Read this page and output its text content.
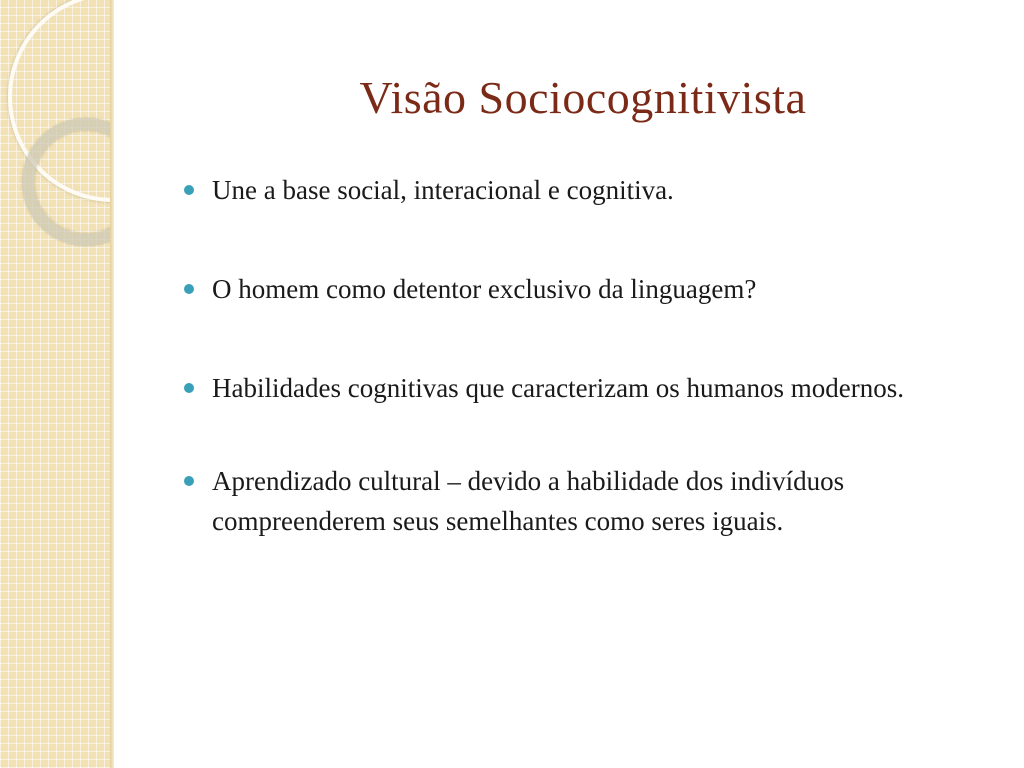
Visão Sociocognitivista
Une a base social, interacional e cognitiva.
O homem como detentor exclusivo da linguagem?
Habilidades cognitivas que caracterizam os humanos modernos.
Aprendizado cultural – devido a habilidade dos indivíduos compreenderem seus semelhantes como seres iguais.
